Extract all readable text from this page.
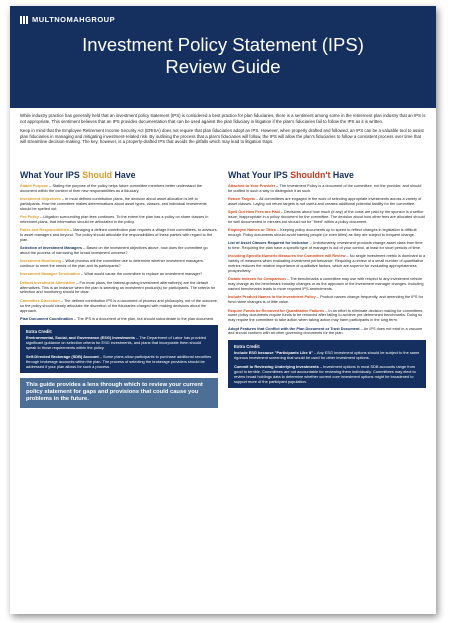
MULTNOMAHGROUP
Investment Policy Statement (IPS)
Review Guide

While industry practice has generally held that an investment policy statement (IPS) is considered a best practice for plan fiduciaries, there is a sentiment among some in the retirement plan industry that an IPS is not appropriate. This sentiment believes that an IPS provides documentation that can be used against the plan fiduciary in litigation if the plan's fiduciaries fail to follow the IPS as it is written.

Keep in mind that the Employee Retirement Income Security Act (ERISA) does not require that plan fiduciaries adopt an IPS. However, when properly drafted and followed, an IPS can be a valuable tool to assist plan fiduciaries in managing and mitigating investment-related risk. By outlining the process that a plan's fiduciaries will follow, the IPS will allow the plan's fiduciaries to follow a consistent process over time that will streamline decision-making. The key, however, is a properly-drafted IPS that avoids the pitfalls which may lead to litigation traps.

What Your IPS Should Have
Stated Purpose – Stating the purpose of the policy helps future committee members better understand the document within the context of their new responsibilities as a fiduciary.
Investment Objectives – In most defined contribution plans, the decision about asset allocation is left to participants. How the committee makes determinations about asset types, classes, and individual investments should be spelled out.
Fee Policy – Litigation surrounding plan fees continues. To the extent the plan has a policy on share classes in retirement plans, that information should be articulated in the policy.
Roles and Responsibilities – Managing a defined contribution plan requires a village from committees, to advisors, to asset managers and beyond. The policy should articulate the responsibilities of these parties with regard to the plan.
Selection of Investment Managers – Based on the investment objectives above, how does the committee go about the process of narrowing the broad investment universe?
Investment Monitoring – What process will the committee use to determine whether investment managers continue to meet the needs of the plan and its participants?
Investment Manager Termination – What would cause the committee to replace an investment manager?
Default Investment Alternative – For most plans, the fastest-growing investment alternative(s) are the default alternatives. This is an instance when the plan is selecting an investment product(s) for participants. The criteria for selection and monitoring should be clear.
Committee Discretion – The defined contribution IPS is a document of process and philosophy, not of the outcome, so the policy should clearly articulate the discretion of the fiduciaries charged with making decisions about the approach.
Plan Document Coordination – The IPS is a document of the plan, but should subordinate to the plan document.
Extra Credit:

Environmental, Social, and Governance (ESG) Investments – The Department of Labor has provided significant guidance on selection criteria for ESG investments, and plans that incorporate them should speak to those requirements within the policy.

Self-Directed Brokerage (SDB) Account – Some plans allow participants to purchase additional securities through brokerage accounts within the plan. The process of selecting the brokerage providers should be addressed if your plan allows for such a process.

This guide provides a lens through which to review your current policy statement for gaps and provisions that could cause you problems in the future.
What Your IPS Shouldn't Have
Attached to Your Provider – The Investment Policy is a document of the committee, not the provider, and should be crafted in such a way to distinguish it as such.
Return Targets – All committees are engaged in the work of selecting appropriate investments across a variety of asset classes. Laying out return targets is not useful and creates additional potential liability for the committee.
Spell Out How Fees are Paid – Decisions about how much (if any) of the costs are paid by the sponsor is a settlor issue, inappropriate in a policy document for the committee. The decision about how other fees are allocated should be well documented in minutes,but should not be "fixed" within a policy document.
Employee Names or Titles – Keeping policy documents up to speed to reflect changes in legislation is difficult enough. Policy documents should avoid naming people (or even titles) as they are subject to frequent change.
List of Asset Classes Required for Inclusion – Unfortunately, investment products change asset class from time to time. Requiring the plan have a specific type of manager is out of your control, at least for short periods of time.
Including Specific Numeric Measures the Committee will Review – No single investment metric is dominant to a variety of measures when evaluating investment performance. Requiring a review of a small number of quantitative metrics reduces the relative importance of qualitative factors, which are superior for evaluating appropriateness prospectively.
Dictate Indexes for Comparison – The benchmarks a committee may use with respect to any investment vehicle may change as the benchmark industry changes or as the approach of the investment manager changes. Including named benchmarks leads to more required IPS amendments.
Include Product Names in the Investment Policy – Product names change frequently, and amending the IPS for fund name changes is of little value.
Require Funds be Removed for Quantitative Failures – In an effort to eliminate decision making for committees, some policy documents require funds to be removed after failing to achieve pre-determined benchmarks. Doing so may require the committee to take action when taking action may harm participants in the long term.
Adopt Features that Conflict with the Plan Document or Trust Document – An IPS does not exist in a vacuum and should conform with all other governing documents for the plan.
Extra Credit:

Include ESG because "Participants Like It" – Any ESG investment options should be subject to the same rigorous investment screening that would be used for other investment options.

Commit to Reviewing Underlying Investments – Investment options in most SDB accounts range from good to terrible. Committees are not accountable for reviewing them individually. Committees may elect to review broad holdings data to determine whether current core investment options might be broadened to support more of the participant population.
